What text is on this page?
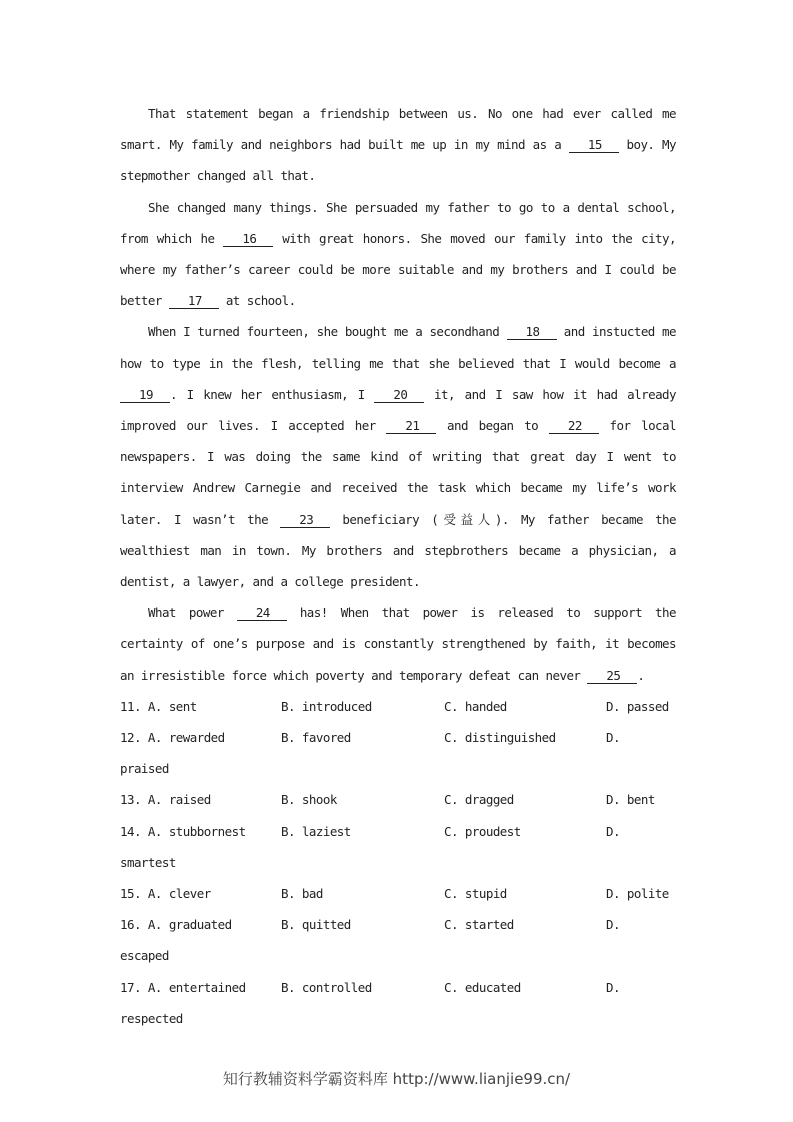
That statement began a friendship between us. No one had ever called me smart. My family and neighbors had built me up in my mind as a 15 boy. My stepmother changed all that.

She changed many things. She persuaded my father to go to a dental school, from which he 16 with great honors. She moved our family into the city, where my father’s career could be more suitable and my brothers and I could be better 17 at school.

When I turned fourteen, she bought me a secondhand 18 and instucted me how to type in the flesh, telling me that she believed that I would become a 19 . I knew her enthusiasm, I 20 it, and I saw how it had already improved our lives. I accepted her 21 and began to 22 for local newspapers. I was doing the same kind of writing that great day I went to interview Andrew Carnegie and received the task which became my life’s work later. I wasn’t the 23 beneficiary (受益人). My father became the wealthiest man in town. My brothers and stepbrothers became a physician, a dentist, a lawyer, and a college president.

What power 24 has! When that power is released to support the certainty of one’s purpose and is constantly strengthened by faith, it becomes an irresistible force which poverty and temporary defeat can never 25 .

11. A. sent	B. introduced	C. handed	D. passed
12. A. rewarded	B. favored	C. distinguished	D.
praised
13. A. raised	B. shook	C. dragged	D. bent
14. A. stubbornest	B. laziest	C. proudest	D.
smartest
15. A. clever	B. bad	C. stupid	D. polite
16. A. graduated	B. quitted	C. started	D.
escaped
17. A. entertained	B. controlled	C. educated	D.
respected
知行教辅资料学霸资料库 http://www.lianjie99.cn/
